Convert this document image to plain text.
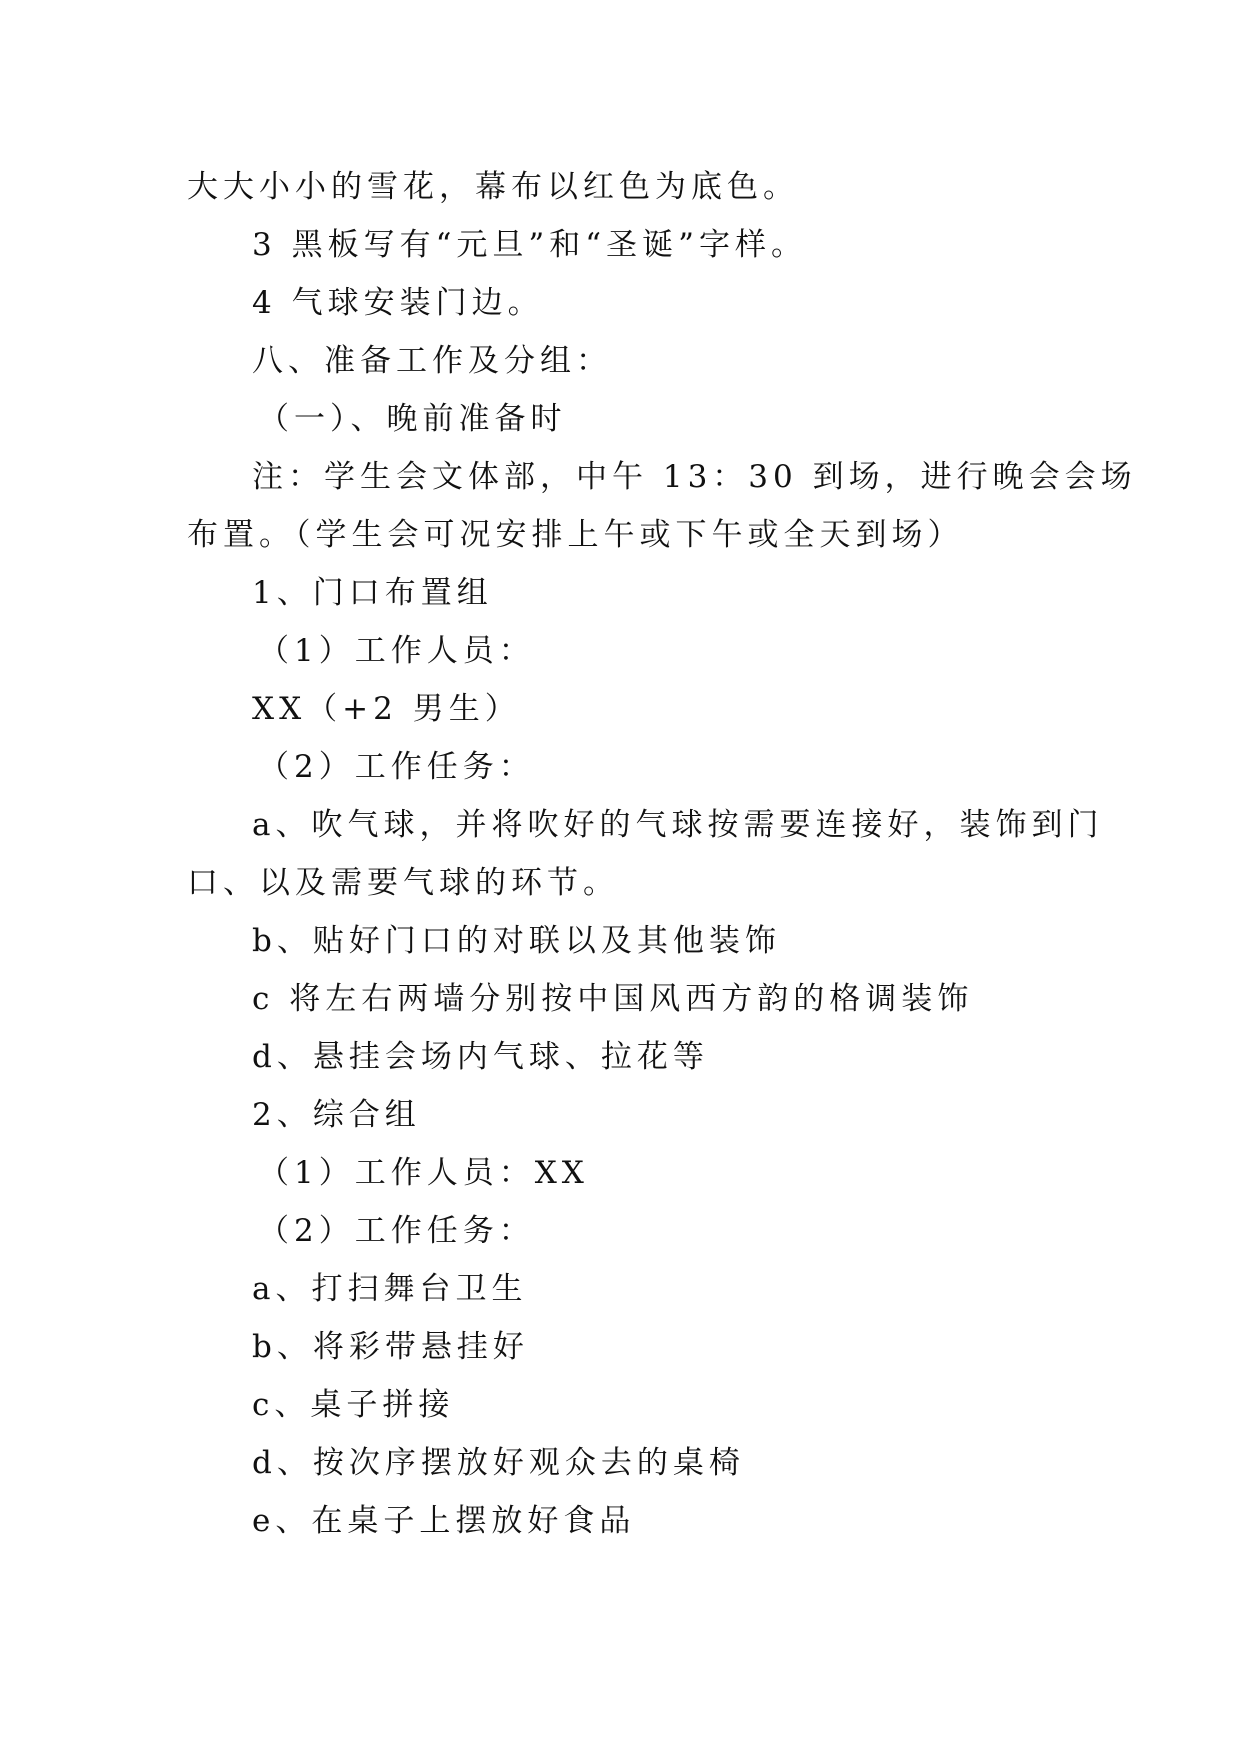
大大小小的雪花，幕布以红色为底色。
3 黑板写有“元旦”和“圣诞”字样。
4 气球安装门边。
八、准备工作及分组：
（一）、晚前准备时
注：学生会文体部，中午 13：30 到场，进行晚会会场
布置。（学生会可况安排上午或下午或全天到场）
1、门口布置组
（1）工作人员：
XX（+2 男生）
（2）工作任务：
a、吹气球，并将吹好的气球按需要连接好，装饰到门
口、以及需要气球的环节。
b、贴好门口的对联以及其他装饰
c 将左右两墙分别按中国风西方韵的格调装饰
d、悬挂会场内气球、拉花等
2、综合组
（1）工作人员：XX
（2）工作任务：
a、打扫舞台卫生
b、将彩带悬挂好
c、桌子拼接
d、按次序摆放好观众去的桌椅
e、在桌子上摆放好食品
